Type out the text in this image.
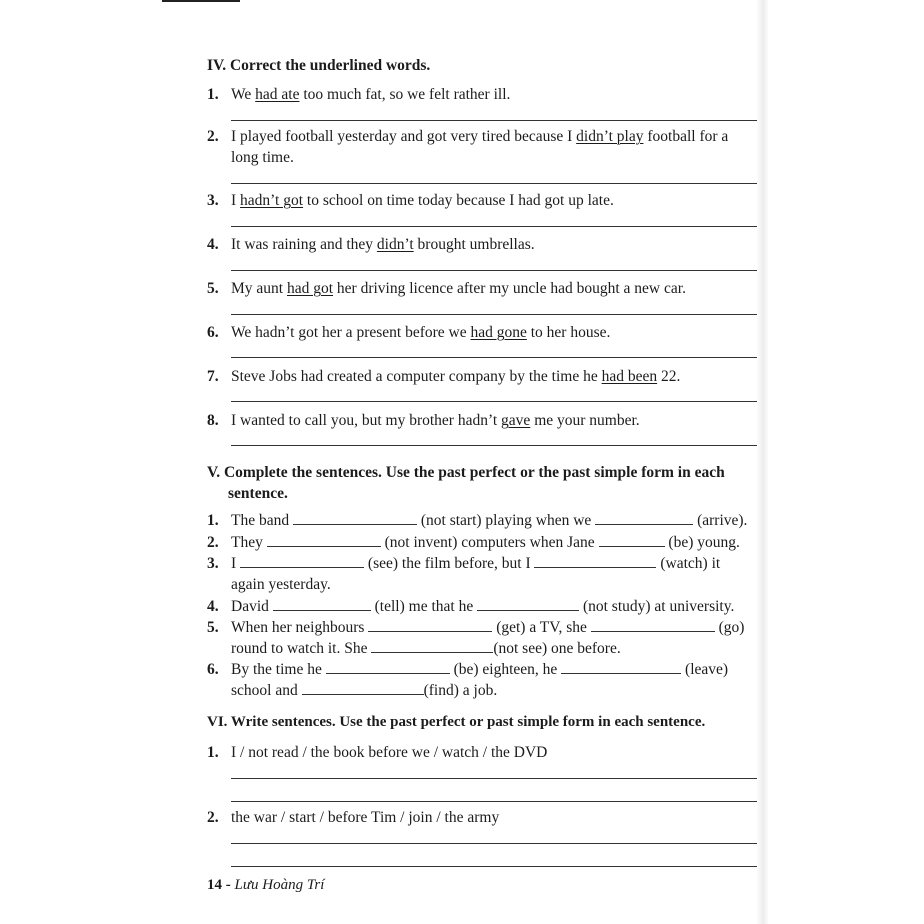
IV. Correct the underlined words.
1. We had ate too much fat, so we felt rather ill.
2. I played football yesterday and got very tired because I didn’t play football for a long time.
3. I hadn’t got to school on time today because I had got up late.
4. It was raining and they didn’t brought umbrellas.
5. My aunt had got her driving licence after my uncle had bought a new car.
6. We hadn’t got her a present before we had gone to her house.
7. Steve Jobs had created a computer company by the time he had been 22.
8. I wanted to call you, but my brother hadn’t gave me your number.
V. Complete the sentences. Use the past perfect or the past simple form in each sentence.
1. The band	(not start) playing when we	(arrive).
2. They	(not invent) computers when Jane	(be) young.
3. I	(see) the film before, but I	(watch) it
again yesterday.
4. David	(tell) me that he	(not study) at university.
5. When her neighbours	(get) a TV, she	(go)
round to watch it. She	(not see) one before.
6. By the time he	(be) eighteen, he	(leave)
school and	(find) a job.
VI. Write sentences. Use the past perfect or past simple form in each sentence.
1. I / not read / the book before we / watch / the DVD
2. the war / start / before Tim / join / the army
14 - Lưu Hoàng Trí
